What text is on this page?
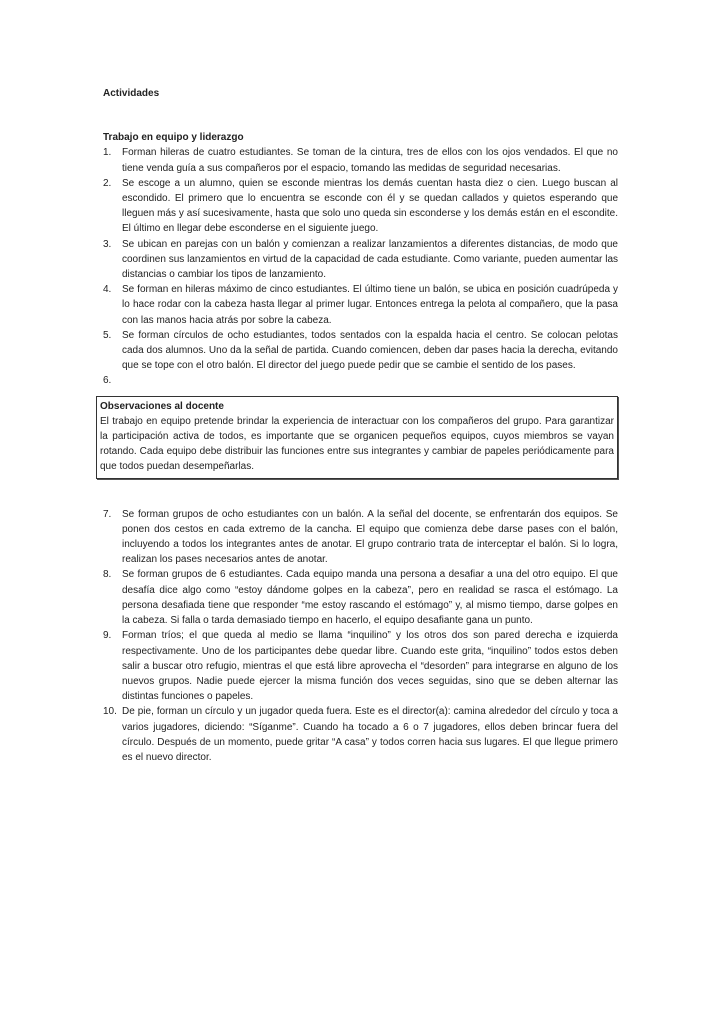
Actividades
Trabajo en equipo y liderazgo
1.	Forman hileras de cuatro estudiantes. Se toman de la cintura, tres de ellos con los ojos vendados. El que no tiene venda guía a sus compañeros por el espacio, tomando las medidas de seguridad necesarias.
2.	Se escoge a un alumno, quien se esconde mientras los demás cuentan hasta diez o cien. Luego buscan al escondido. El primero que lo encuentra se esconde con él y se quedan callados y quietos esperando que lleguen más y así sucesivamente, hasta que solo uno queda sin esconderse y los demás están en el escondite. El último en llegar debe esconderse en el siguiente juego.
3.	Se ubican en parejas con un balón y comienzan a realizar lanzamientos a diferentes distancias, de modo que coordinen sus lanzamientos en virtud de la capacidad de cada estudiante. Como variante, pueden aumentar las distancias o cambiar los tipos de lanzamiento.
4.	Se forman en hileras máximo de cinco estudiantes. El último tiene un balón, se ubica en posición cuadrúpeda y lo hace rodar con la cabeza hasta llegar al primer lugar. Entonces entrega la pelota al compañero, que la pasa con las manos hacia atrás por sobre la cabeza.
5.	Se forman círculos de ocho estudiantes, todos sentados con la espalda hacia el centro. Se colocan pelotas cada dos alumnos. Uno da la señal de partida. Cuando comiencen, deben dar pases hacia la derecha, evitando que se tope con el otro balón. El director del juego puede pedir que se cambie el sentido de los pases.
6.
Observaciones al docente
El trabajo en equipo pretende brindar la experiencia de interactuar con los compañeros del grupo. Para garantizar la participación activa de todos, es importante que se organicen pequeños equipos, cuyos miembros se vayan rotando. Cada equipo debe distribuir las funciones entre sus integrantes y cambiar de papeles periódicamente para que todos puedan desempeñarlas.
7.	Se forman grupos de ocho estudiantes con un balón. A la señal del docente, se enfrentarán dos equipos. Se ponen dos cestos en cada extremo de la cancha. El equipo que comienza debe darse pases con el balón, incluyendo a todos los integrantes antes de anotar. El grupo contrario trata de interceptar el balón. Si lo logra, realizan los pases necesarios antes de anotar.
8.	Se forman grupos de 6 estudiantes. Cada equipo manda una persona a desafiar a una del otro equipo. El que desafía dice algo como “estoy dándome golpes en la cabeza”, pero en realidad se rasca el estómago. La persona desafiada tiene que responder “me estoy rascando el estómago” y, al mismo tiempo, darse golpes en la cabeza. Si falla o tarda demasiado tiempo en hacerlo, el equipo desafiante gana un punto.
9.	Forman tríos; el que queda al medio se llama “inquilino” y los otros dos son pared derecha e izquierda respectivamente. Uno de los participantes debe quedar libre. Cuando este grita, “inquilino” todos estos deben salir a buscar otro refugio, mientras el que está libre aprovecha el “desorden” para integrarse en alguno de los nuevos grupos. Nadie puede ejercer la misma función dos veces seguidas, sino que se deben alternar las distintas funciones o papeles.
10. De pie, forman un círculo y un jugador queda fuera. Este es el director(a): camina alrededor del círculo y toca a varios jugadores, diciendo: “Síganme”. Cuando ha tocado a 6 o 7 jugadores, ellos deben brincar fuera del círculo. Después de un momento, puede gritar “A casa” y todos corren hacia sus lugares. El que llegue primero es el nuevo director.
